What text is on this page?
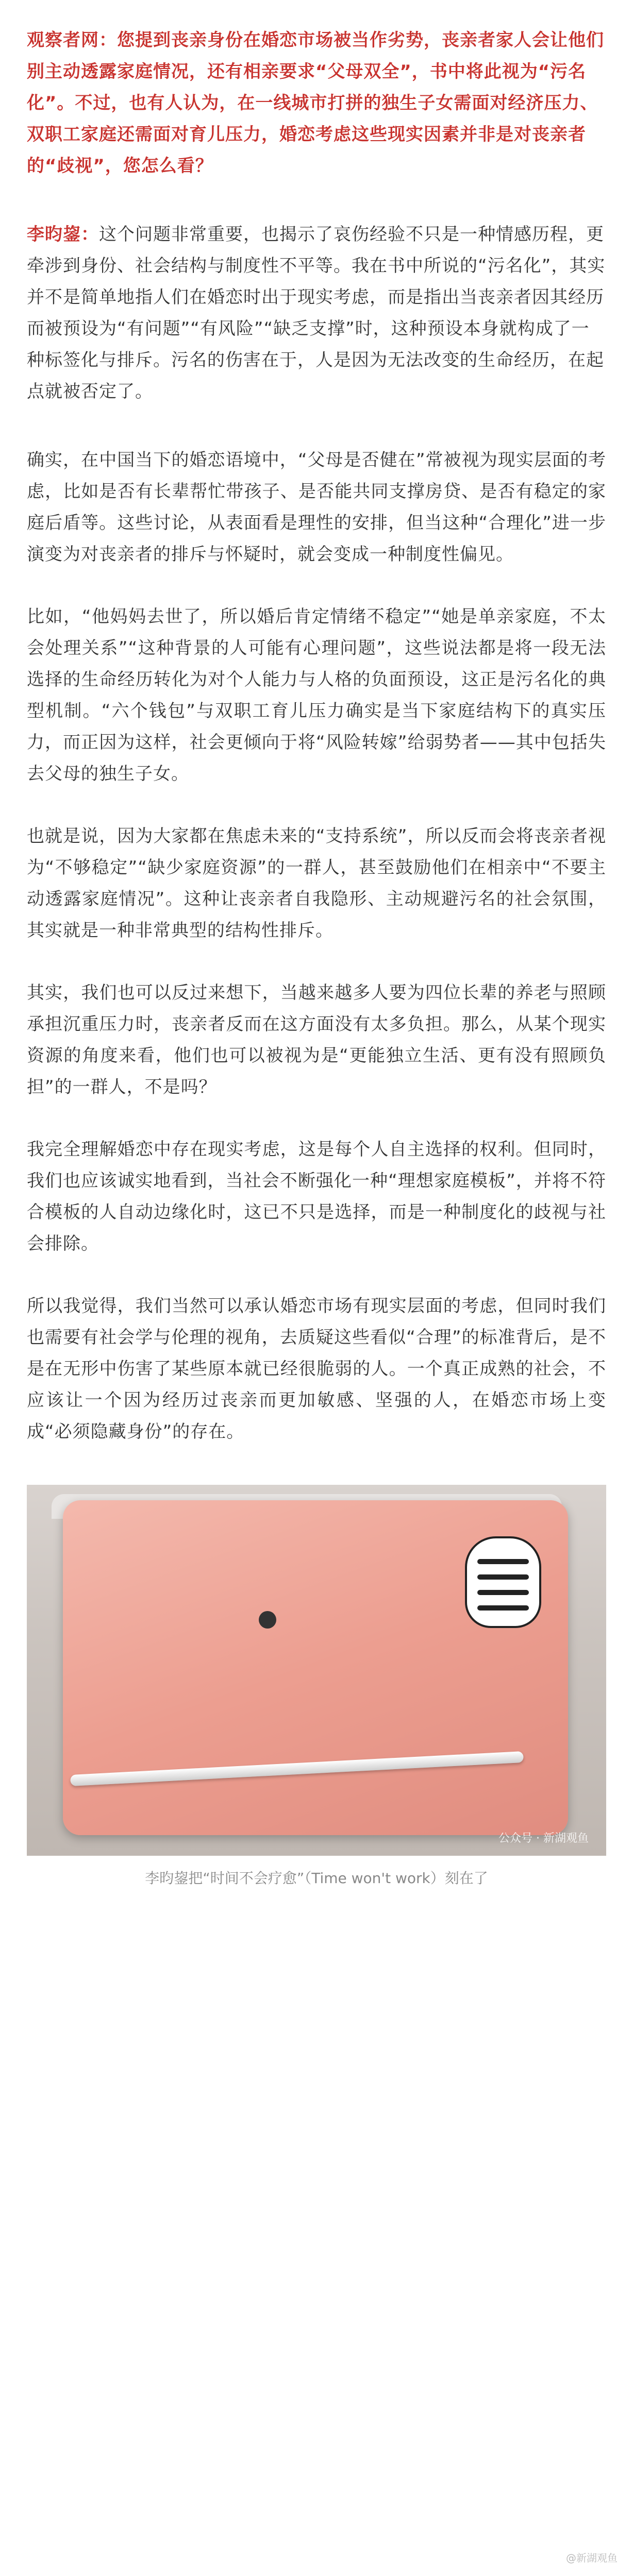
观察者网：您提到丧亲身份在婚恋市场被当作劣势，丧亲者家人会让他们别主动透露家庭情况，还有相亲要求“父母双全”，书中将此视为“污名化”。不过，也有人认为，在一线城市打拼的独生子女需面对经济压力、双职工家庭还需面对育儿压力，婚恋考虑这些现实因素并非是对丧亲者的“歧视”，您怎么看？

李昀鋆：这个问题非常重要，也揭示了哀伤经验不只是一种情感历程，更牵涉到身份、社会结构与制度性不平等。我在书中所说的“污名化”，其实并不是简单地指人们在婚恋时出于现实考虑，而是指出当丧亲者因其经历而被预设为“有问题”“有风险”“缺乏支撑”时，这种预设本身就构成了一种标签化与排斥。污名的伤害在于，人是因为无法改变的生命经历，在起点就被否定了。

确实，在中国当下的婚恋语境中，“父母是否健在”常被视为现实层面的考虑，比如是否有长辈帮忙带孩子、是否能共同支撑房贷、是否有稳定的家庭后盾等。这些讨论，从表面看是理性的安排，但当这种“合理化”进一步演变为对丧亲者的排斥与怀疑时，就会变成一种制度性偏见。

比如，“他妈妈去世了，所以婚后肯定情绪不稳定”“她是单亲家庭，不太会处理关系”“这种背景的人可能有心理问题”，这些说法都是将一段无法选择的生命经历转化为对个人能力与人格的负面预设，这正是污名化的典型机制。“六个钱包”与双职工育儿压力确实是当下家庭结构下的真实压力，而正因为这样，社会更倾向于将“风险转嫁”给弱势者——其中包括失去父母的独生子女。

也就是说，因为大家都在焦虑未来的“支持系统”，所以反而会将丧亲者视为“不够稳定”“缺少家庭资源”的一群人，甚至鼓励他们在相亲中“不要主动透露家庭情况”。这种让丧亲者自我隐形、主动规避污名的社会氛围，其实就是一种非常典型的结构性排斥。

其实，我们也可以反过来想下，当越来越多人要为四位长辈的养老与照顾承担沉重压力时，丧亲者反而在这方面没有太多负担。那么，从某个现实资源的角度来看，他们也可以被视为是“更能独立生活、更有没有照顾负担”的一群人，不是吗？

我完全理解婚恋中存在现实考虑，这是每个人自主选择的权利。但同时，我们也应该诚实地看到，当社会不断强化一种“理想家庭模板”，并将不符合模板的人自动边缘化时，这已不只是选择，而是一种制度化的歧视与社会排除。

所以我觉得，我们当然可以承认婚恋市场有现实层面的考虑，但同时我们也需要有社会学与伦理的视角，去质疑这些看似“合理”的标准背后，是不是在无形中伤害了某些原本就已经很脆弱的人。一个真正成熟的社会，不应该让一个因为经历过丧亲而更加敏感、坚强的人，在婚恋市场上变成“必须隐藏身份”的存在。

公众号 · 新湖观鱼

李昀鋆把“时间不会疗愈”（Time won't work）刻在了

@新湖观鱼
